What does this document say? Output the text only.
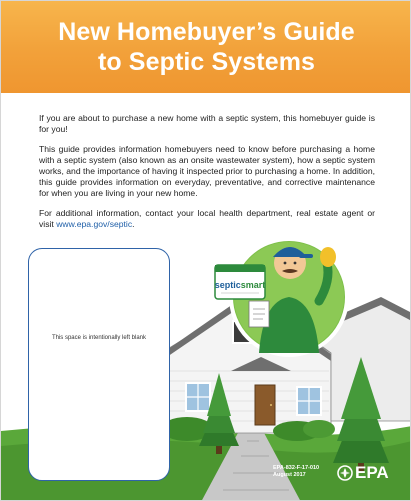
New Homebuyer’s Guide
to Septic Systems

If you are about to purchase a new home with a septic system, this homebuyer guide is for you!

This guide provides information homebuyers need to know before purchasing a home with a septic system (also known as an onsite wastewater system), how a septic system works, and the importance of having it inspected prior to purchasing a home. In addition, this guide provides information on everyday, preventative, and corrective maintenance for when you are living in your new home.

For additional information, contact your local health department, real estate agent or visit www.epa.gov/septic.

septicsmart
This space is intentionally left blank
EPA-832-F-17-010
August 2017	EPA
